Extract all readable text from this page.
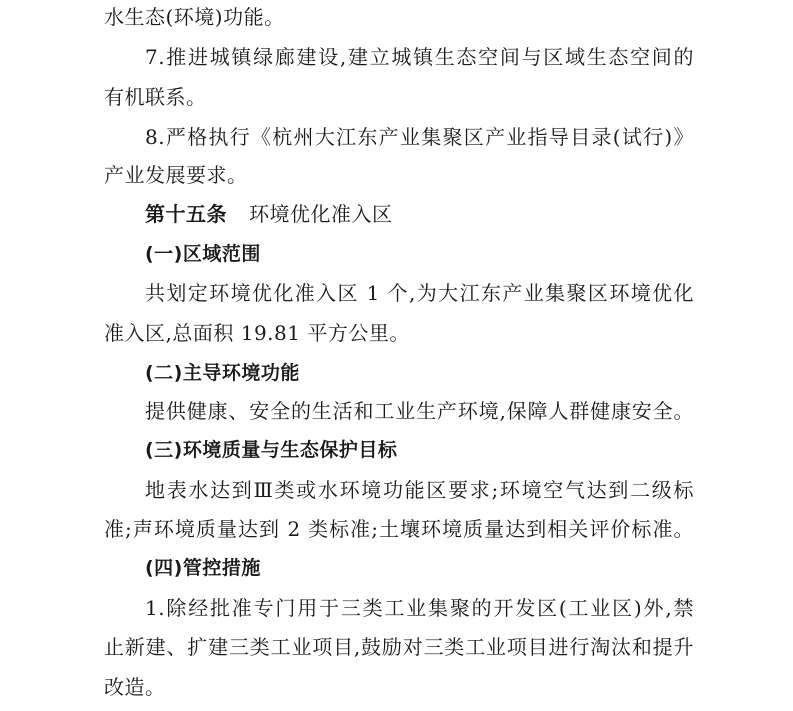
水生态(环境)功能。
7.推进城镇绿廊建设,建立城镇生态空间与区域生态空间的
有机联系。
8.严格执行《杭州大江东产业集聚区产业指导目录(试行)》
产业发展要求。
第十五条 环境优化准入区
(一)区域范围
共划定环境优化准入区 1 个,为大江东产业集聚区环境优化
准入区,总面积 19.81 平方公里。
(二)主导环境功能
提供健康、安全的生活和工业生产环境,保障人群健康安全。
(三)环境质量与生态保护目标
地表水达到Ⅲ类或水环境功能区要求;环境空气达到二级标
准;声环境质量达到 2 类标准;土壤环境质量达到相关评价标准。
(四)管控措施
1.除经批准专门用于三类工业集聚的开发区(工业区)外,禁
止新建、扩建三类工业项目,鼓励对三类工业项目进行淘汰和提升
改造。
